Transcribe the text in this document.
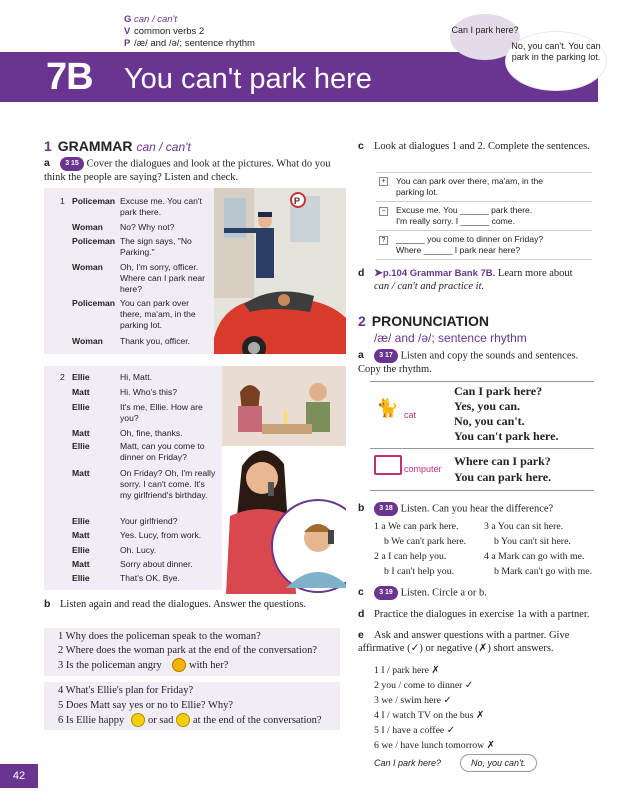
G can / can't
V common verbs 2
P /æ/ and /ə/; sentence rhythm
7B You can't park here
Can I park here?
No, you can't. You can park in the parking lot.
1 GRAMMAR can / can't
a 3 15 Cover the dialogues and look at the pictures. What do you think the people are saying? Listen and check.
1 Policeman Excuse me. You can't park there.
Woman No? Why not?
Policeman The sign says, "No Parking."
Woman Oh, I'm sorry, officer. Where can I park near here?
Policeman You can park over there, ma'am, in the parking lot.
Woman Thank you, officer.
P
2 Ellie	Hi, Matt.
Matt	Hi. Who's this?
Ellie	It's me, Ellie. How are you?
Matt	Oh, fine, thanks.
Ellie	Matt, can you come to dinner on Friday?
Matt	On Friday? Oh, I'm really sorry. I can't come. It's my girlfriend's birthday.
Ellie	Your girlfriend?
Matt	Yes. Lucy, from work.
Ellie	Oh. Lucy.
Matt	Sorry about dinner.
Ellie	That's OK. Bye.
b Listen again and read the dialogues. Answer the questions.
1 Why does the policeman speak to the woman?
2 Where does the woman park at the end of the conversation?
3 Is the policeman angry	with her?
4 What's Ellie's plan for Friday?
5 Does Matt say yes or no to Ellie? Why?
6 Is Ellie happy or sad at the end of the conversation?
c Look at dialogues 1 and 2. Complete the sentences.
+ You can park over there, ma'am, in the
parking lot.
− Excuse me. You ______ park there.
I'm really sorry. I ______ come.
? ______ you come to dinner on Friday?
Where ______ I park near here?
d ➤p.104 Grammar Bank 7B. Learn more about
can / can't and practice it.
2 PRONUNCIATION
/æ/ and /ə/; sentence rhythm
a 3 17 Listen and copy the sounds and sentences. Copy the rhythm.
🐈 cat
Can I park here?
Yes, you can.
No, you can't.
You can't park here.
computer
Where can I park?
You can park here.
b 3 18 Listen. Can you hear the difference?
1 a We can park here.	3 a You can sit here.
b We can't park here.	b You can't sit here.
2 a I can help you.	4 a Mark can go with me.
b I can't help you.	b Mark can't go with me.
c 3 19 Listen. Circle a or b.
d Practice the dialogues in exercise 1a with a partner.
e Ask and answer questions with a partner. Give affirmative (✓) or negative (✗) short answers.
1 I / park here ✗
2 you / come to dinner ✓
3 we / swim here ✓
4 I / watch TV on the bus ✗
5 I / have a coffee ✓
6 we / have lunch tomorrow ✗
Can I park here?	No, you can't.
42
